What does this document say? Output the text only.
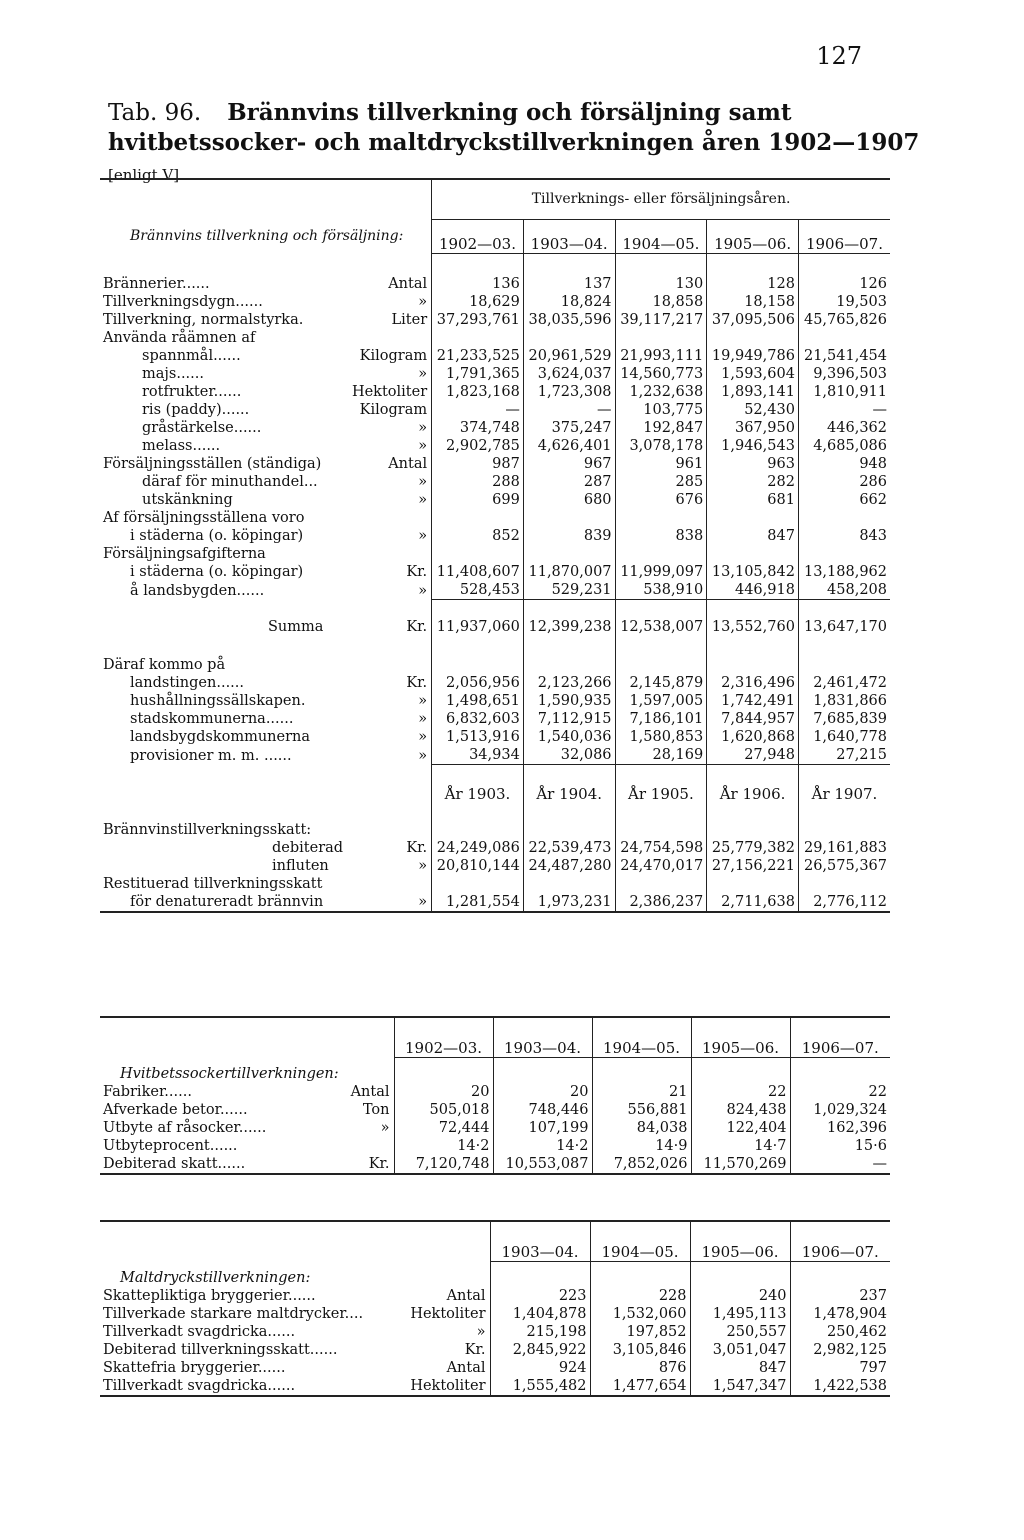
127
Tab. 96. Brännvins tillverkning och försäljning samt hvitbetssocker- och maltdryckstillverkningen åren 1902—1907 [enligt V].
		Tillverknings- eller försäljningsåren.				
Brännvins tillverkning och försäljning:		1902—03.	1903—04.	1904—05.	1905—06.	1906—07.

Brännerier......	Antal	136	137	130	128	126
Tillverkningsdygn......	»	18,629	18,824	18,858	18,158	19,503
Tillverkning, normalstyrka.	Liter	37,293,761	38,035,596	39,117,217	37,095,506	45,765,826
Använda råämnen af						
spannmål......	Kilogram	21,233,525	20,961,529	21,993,111	19,949,786	21,541,454
majs......	»	1,791,365	3,624,037	14,560,773	1,593,604	9,396,503
rotfrukter......	Hektoliter	1,823,168	1,723,308	1,232,638	1,893,141	1,810,911
ris (paddy)......	Kilogram	—	—	103,775	52,430	—
gråstärkelse......	»	374,748	375,247	192,847	367,950	446,362
melass......	»	2,902,785	4,626,401	3,078,178	1,946,543	4,685,086
Försäljningsställen (ständiga)	Antal	987	967	961	963	948
däraf för minuthandel...	»	288	287	285	282	286
utskänkning	»	699	680	676	681	662
Af försäljningsställena voro						
i städerna (o. köpingar)	»	852	839	838	847	843
Försäljningsafgifterna						
i städerna (o. köpingar)	Kr.	11,408,607	11,870,007	11,999,097	13,105,842	13,188,962
å landsbygden......	»	528,453	529,231	538,910	446,918	458,208

Summa	Kr.	11,937,060	12,399,238	12,538,007	13,552,760	13,647,170

Däraf kommo på						
landstingen......	Kr.	2,056,956	2,123,266	2,145,879	2,316,496	2,461,472
hushållningssällskapen.	»	1,498,651	1,590,935	1,597,005	1,742,491	1,831,866
stadskommunerna......	»	6,832,603	7,112,915	7,186,101	7,844,957	7,685,839
landsbygdskommunerna	»	1,513,916	1,540,036	1,580,853	1,620,868	1,640,778
provisioner m. m. ......	»	34,934	32,086	28,169	27,948	27,215
		År 1903.	År 1904.	År 1905.	År 1906.	År 1907.

Brännvinstillverkningsskatt:						
debiterad	Kr.	24,249,086	22,539,473	24,754,598	25,779,382	29,161,883
influten	»	20,810,144	24,487,280	24,470,017	27,156,221	26,575,367
Restituerad tillverkningsskatt						
för denatureradt brännvin	»	1,281,554	1,973,231	2,386,237	2,711,638	2,776,112
		1902—03.	1903—04.	1904—05.	1905—06.	1906—07.
Hvitbetssockertillverkningen:						
Fabriker......	Antal	20	20	21	22	22
Afverkade betor......	Ton	505,018	748,446	556,881	824,438	1,029,324
Utbyte af råsocker......	»	72,444	107,199	84,038	122,404	162,396
Utbyteprocent......		14·2	14·2	14·9	14·7	15·6
Debiterad skatt......	Kr.	7,120,748	10,553,087	7,852,026	11,570,269	—
		1903—04.	1904—05.	1905—06.	1906—07.
Maltdryckstillverkningen:					
Skattepliktiga bryggerier......	Antal	223	228	240	237
Tillverkade starkare maltdrycker....	Hektoliter	1,404,878	1,532,060	1,495,113	1,478,904
Tillverkadt svagdricka......	»	215,198	197,852	250,557	250,462
Debiterad tillverkningsskatt......	Kr.	2,845,922	3,105,846	3,051,047	2,982,125
Skattefria bryggerier......	Antal	924	876	847	797
Tillverkadt svagdricka......	Hektoliter	1,555,482	1,477,654	1,547,347	1,422,538
